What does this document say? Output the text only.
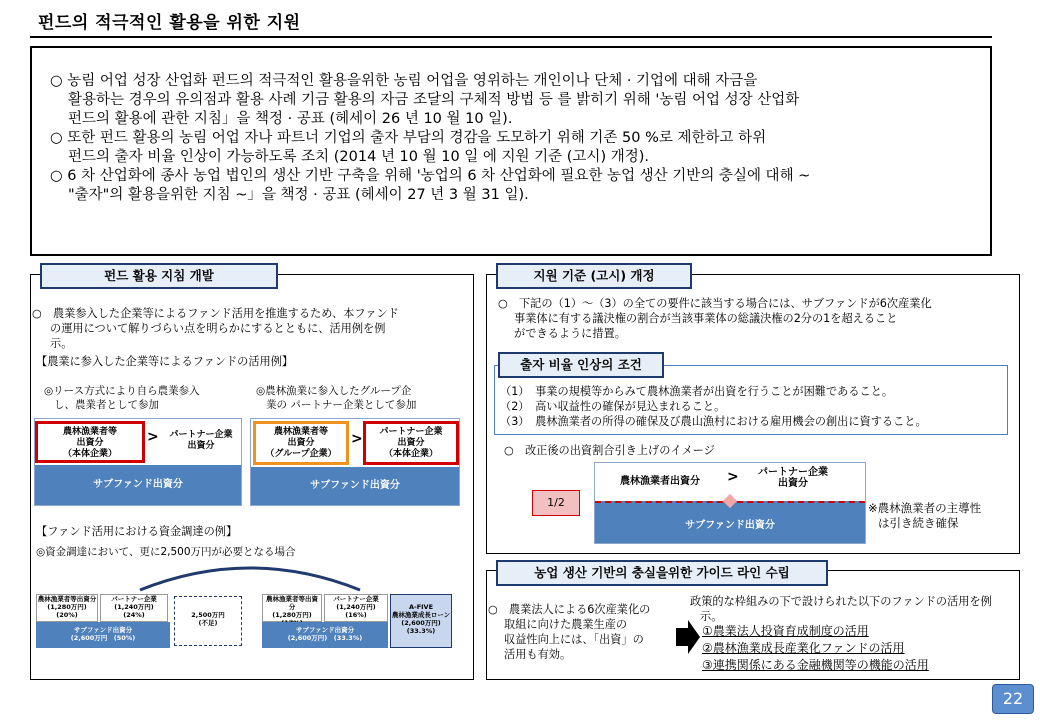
펀드의 적극적인 활용을 위한 지원

○ 농림 어업 성장 산업화 펀드의 적극적인 활용을위한 농림 어업을 영위하는 개인이나 단체 · 기업에 대해 자금을

활용하는 경우의 유의점과 활용 사례 기금 활용의 자금 조달의 구체적 방법 등 를 밝히기 위해 '농림 어업 성장 산업화

펀드의 활용에 관한 지침」을 책정 · 공표 (헤세이 26 년 10 월 10 일).

○ 또한 펀드 활용의 농림 어업 자나 파트너 기업의 출자 부담의 경감을 도모하기 위해 기존 50 %로 제한하고 하위

펀드의 출자 비율 인상이 가능하도록 조치 (2014 년 10 월 10 일 에 지원 기준 (고시) 개정).

○ 6 차 산업화에 종사 농업 법인의 생산 기반 구축을 위해 '농업의 6 차 산업화에 필요한 농업 생산 기반의 충실에 대해 ~

"출자"의 활용을위한 지침 ~」을 책정 · 공표 (헤세이 27 년 3 월 31 일).

펀드 활용 지침 개발
○　農業参入した企業等によるファンド活用を推進するため、本ファンド
の運用について解りづらい点を明らかにするとともに、活用例を例
示。
【農業に参入した企業等によるファンドの活用例】
◎リース方式により自ら農業参入
し、農業者として参加
◎農林漁業に参入したグループ企
業の パートナー企業として参加
農林漁業者等
出資分
（本体企業）
>	パートナー企業
出資分
サブファンド出資分
農林漁業者等
出資分
（グループ企業）
>	パートナー企業
出資分
（本体企業）
サブファンド出資分
【ファンド活用における資金調達の例】
◎資金調達において、更に2,500万円が必要となる場合
農林漁業者等出資分
(1,280万円)
(20%)
パートナー企業
(1,240万円)
(24%)
サブファンド出資分
(2,600万円　(50%)
2,500万円
(不足)
農林漁業者等出資分
(1,280万円)

パートナー企業
(1,240万円)
(16%)
サブファンド出資分
(2,600万円)　(33.3%)
A-FIVE
農林漁業成長ローン
(2,600万円)
(33.3%)
지원 기준 (고시) 개정
○　下記の（1）～（3）の全ての要件に該当する場合には、サブファンドが6次産業化
事業体に有する議決権の割合が当該事業体の総議決権の2分の1を超えること
ができるように措置。
출자 비율 인상의 조건
（1）　事業の規模等からみて農林漁業者が出資を行うことが困難であること。
（2）　高い収益性の確保が見込まれること。
（3）　農林漁業者の所得の確保及び農山漁村における雇用機会の創出に資すること。
○　改正後の出資割合引き上げのイメージ
農林漁業者出資分	>	パートナー企業
出資分
サブファンド出資分
1/2	※農林漁業者の主導性
は引き続き確保
농업 생산 기반의 충실을위한 가이드 라인 수립
○　農業法人による6次産業化の
取組に向けた農業生産の
収益性向上には、「出資」の
活用も有効。
政策的な枠組みの下で設けられた以下のファンドの活用を例
示。
①農業法人投資育成制度の活用
②農林漁業成長産業化ファンドの活用
③連携関係にある金融機関等の機能の活用
22
